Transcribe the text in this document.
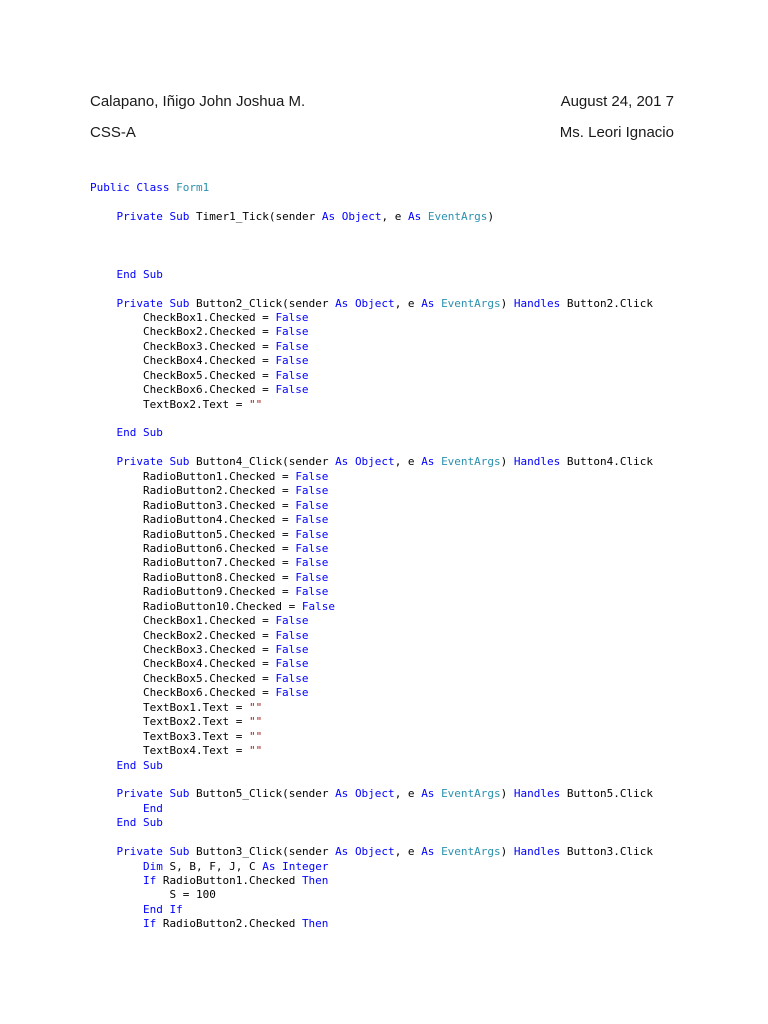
Calapano, Iñigo John Joshua M.	August 24, 201 7
CSS-A	Ms. Leori Ignacio
Public Class Form1
Private Sub Timer1_Tick(sender As Object, e As EventArgs)
End Sub
Private Sub Button2_Click(sender As Object, e As EventArgs) Handles Button2.Click
CheckBox1.Checked = False
CheckBox2.Checked = False
CheckBox3.Checked = False
CheckBox4.Checked = False
CheckBox5.Checked = False
CheckBox6.Checked = False
TextBox2.Text = ""
End Sub
Private Sub Button4_Click(sender As Object, e As EventArgs) Handles Button4.Click
RadioButton1.Checked = False
RadioButton2.Checked = False
RadioButton3.Checked = False
RadioButton4.Checked = False
RadioButton5.Checked = False
RadioButton6.Checked = False
RadioButton7.Checked = False
RadioButton8.Checked = False
RadioButton9.Checked = False
RadioButton10.Checked = False
CheckBox1.Checked = False
CheckBox2.Checked = False
CheckBox3.Checked = False
CheckBox4.Checked = False
CheckBox5.Checked = False
CheckBox6.Checked = False
TextBox1.Text = ""
TextBox2.Text = ""
TextBox3.Text = ""
TextBox4.Text = ""
End Sub
Private Sub Button5_Click(sender As Object, e As EventArgs) Handles Button5.Click
End
End Sub
Private Sub Button3_Click(sender As Object, e As EventArgs) Handles Button3.Click
Dim S, B, F, J, C As Integer
If RadioButton1.Checked Then
S = 100
End If
If RadioButton2.Checked Then
